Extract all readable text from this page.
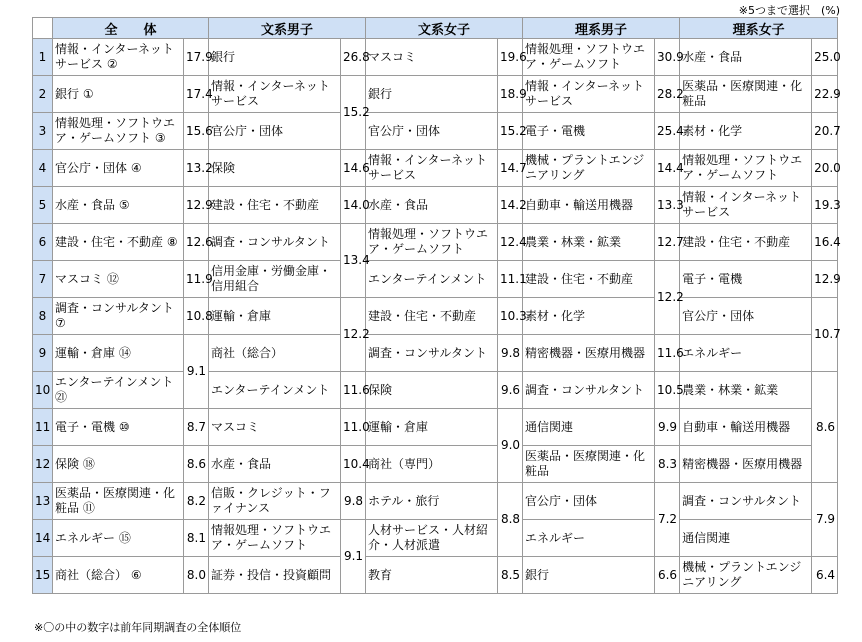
※5つまで選択　(%)
	全　　体		文系男子		文系女子		理系男子		理系女子	
1	情報・インターネットサービス ②	17.9	銀行	26.8	マスコミ	19.6	情報処理・ソフトウエア・ゲームソフト	30.9	水産・食品	25.0
2	銀行 ①	17.4	情報・インターネットサービス	15.2	銀行	18.9	情報・インターネットサービス	28.2	医薬品・医療関連・化粧品	22.9
3	情報処理・ソフトウエア・ゲームソフト ③	15.6	官公庁・団体		官公庁・団体	15.2	電子・電機	25.4	素材・化学	20.7
4	官公庁・団体 ④	13.2	保険	14.6	情報・インターネットサービス	14.7	機械・プラントエンジニアリング	14.4	情報処理・ソフトウエア・ゲームソフト	20.0
5	水産・食品 ⑤	12.9	建設・住宅・不動産	14.0	水産・食品	14.2	自動車・輸送用機器	13.3	情報・インターネットサービス	19.3
6	建設・住宅・不動産 ⑧	12.6	調査・コンサルタント	13.4	情報処理・ソフトウエア・ゲームソフト	12.4	農業・林業・鉱業	12.7	建設・住宅・不動産	16.4
7	マスコミ ⑫	11.9	信用金庫・労働金庫・信用組合		エンターテインメント	11.1	建設・住宅・不動産	12.2	電子・電機	12.9
8	調査・コンサルタント ⑦	10.8	運輸・倉庫	12.2	建設・住宅・不動産	10.3	素材・化学		官公庁・団体	10.7
9	運輸・倉庫 ⑭	9.1	商社（総合）		調査・コンサルタント	9.8	精密機器・医療用機器	11.6	エネルギー	
10	エンターテインメント ㉑		エンターテインメント	11.6	保険	9.6	調査・コンサルタント	10.5	農業・林業・鉱業	8.6
11	電子・電機 ⑩	8.7	マスコミ	11.0	運輸・倉庫	9.0	通信関連	9.9	自動車・輸送用機器	
12	保険 ⑱	8.6	水産・食品	10.4	商社（専門）		医薬品・医療関連・化粧品	8.3	精密機器・医療用機器	
13	医薬品・医療関連・化粧品 ⑪	8.2	信販・クレジット・ファイナンス	9.8	ホテル・旅行	8.8	官公庁・団体	7.2	調査・コンサルタント	7.9
14	エネルギー ⑮	8.1	情報処理・ソフトウエア・ゲームソフト	9.1	人材サービス・人材紹介・人材派遣		エネルギー		通信関連	
15	商社（総合） ⑥	8.0	証券・投信・投資顧問		教育	8.5	銀行	6.6	機械・プラントエンジニアリング	6.4
※〇の中の数字は前年同期調査の全体順位
